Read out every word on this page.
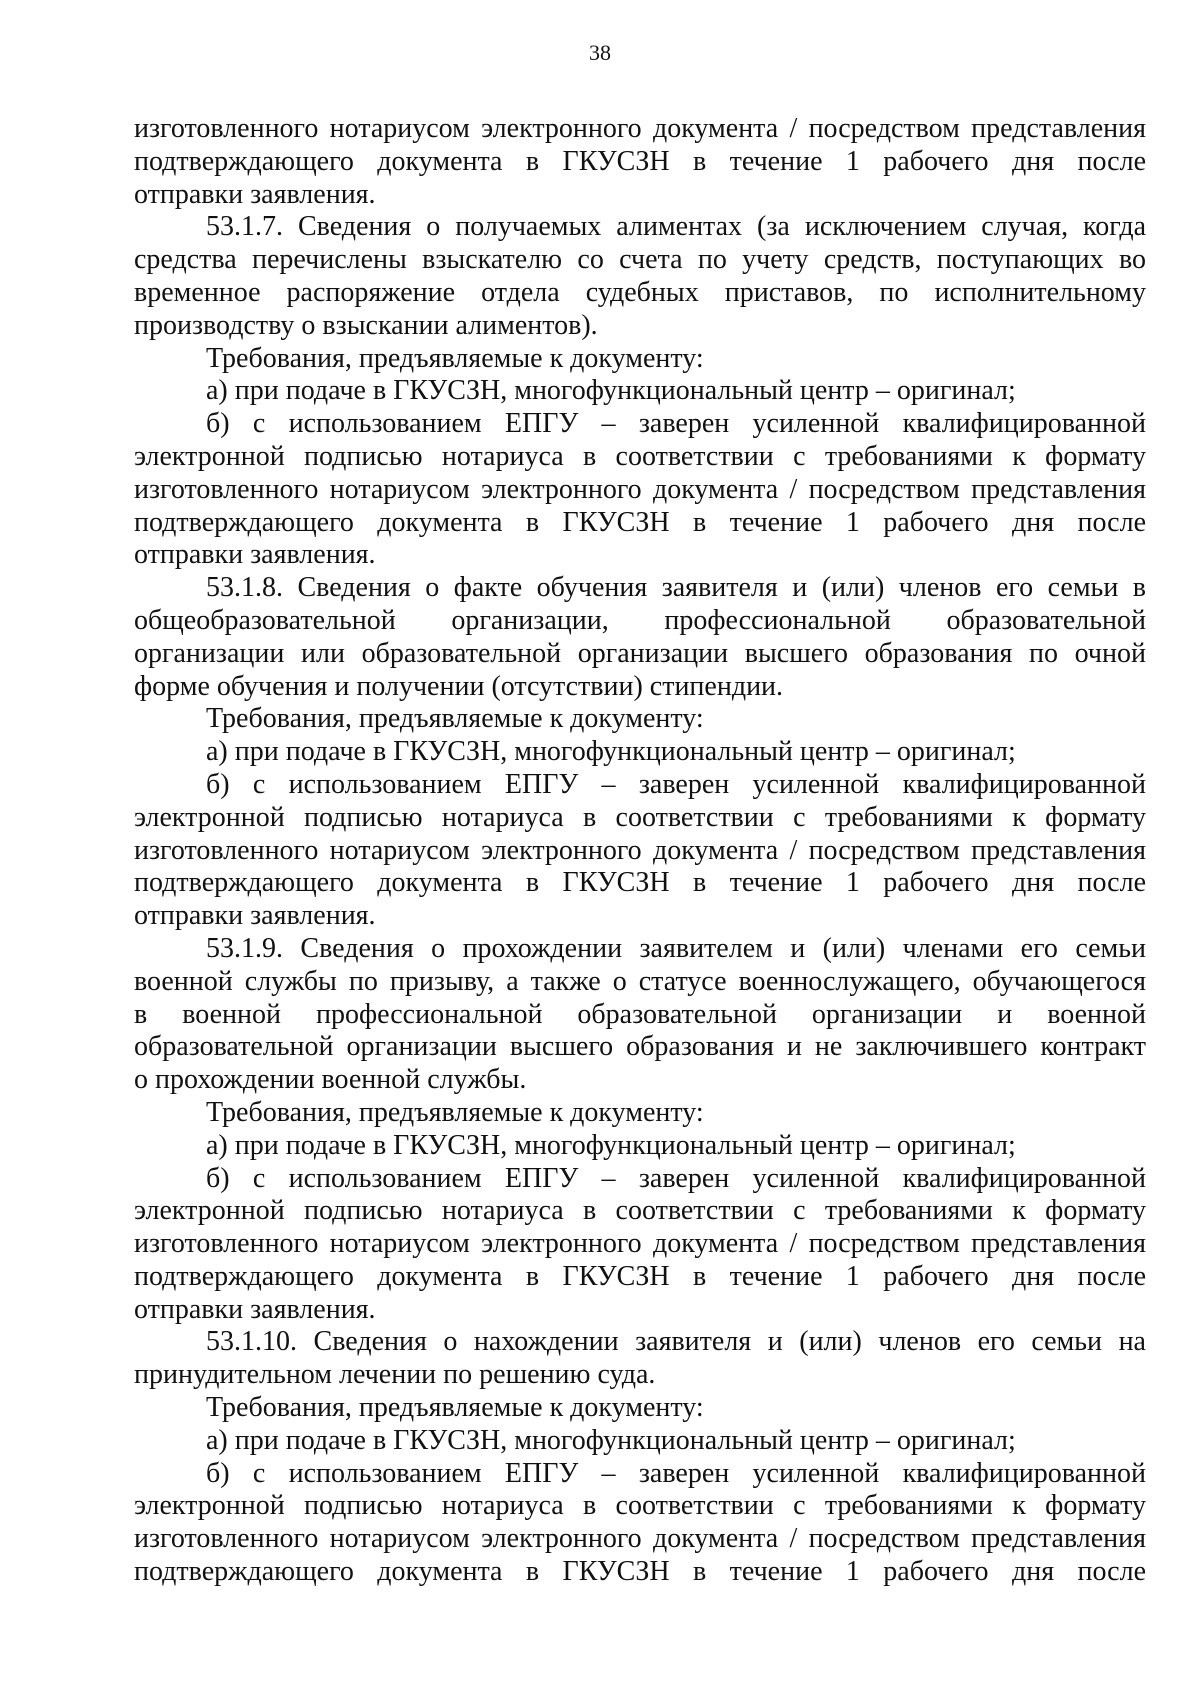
38
изготовленного нотариусом электронного документа / посредством представления
подтверждающего документа в ГКУСЗН в течение 1 рабочего дня после
отправки заявления.
53.1.7. Сведения о получаемых алиментах (за исключением случая, когда
средства перечислены взыскателю со счета по учету средств, поступающих во
временное распоряжение отдела судебных приставов, по исполнительному
производству о взыскании алиментов).
Требования, предъявляемые к документу:
а) при подаче в ГКУСЗН, многофункциональный центр – оригинал;
б) с использованием ЕПГУ – заверен усиленной квалифицированной
электронной подписью нотариуса в соответствии с требованиями к формату
изготовленного нотариусом электронного документа / посредством представления
подтверждающего документа в ГКУСЗН в течение 1 рабочего дня после
отправки заявления.
53.1.8. Сведения о факте обучения заявителя и (или) членов его семьи в
общеобразовательной организации, профессиональной образовательной
организации или образовательной организации высшего образования по очной
форме обучения и получении (отсутствии) стипендии.
Требования, предъявляемые к документу:
а) при подаче в ГКУСЗН, многофункциональный центр – оригинал;
б) с использованием ЕПГУ – заверен усиленной квалифицированной
электронной подписью нотариуса в соответствии с требованиями к формату
изготовленного нотариусом электронного документа / посредством представления
подтверждающего документа в ГКУСЗН в течение 1 рабочего дня после
отправки заявления.
53.1.9. Сведения о прохождении заявителем и (или) членами его семьи
военной службы по призыву, а также о статусе военнослужащего, обучающегося
в военной профессиональной образовательной организации и военной
образовательной организации высшего образования и не заключившего контракт
о прохождении военной службы.
Требования, предъявляемые к документу:
а) при подаче в ГКУСЗН, многофункциональный центр – оригинал;
б) с использованием ЕПГУ – заверен усиленной квалифицированной
электронной подписью нотариуса в соответствии с требованиями к формату
изготовленного нотариусом электронного документа / посредством представления
подтверждающего документа в ГКУСЗН в течение 1 рабочего дня после
отправки заявления.
53.1.10. Сведения о нахождении заявителя и (или) членов его семьи на
принудительном лечении по решению суда.
Требования, предъявляемые к документу:
а) при подаче в ГКУСЗН, многофункциональный центр – оригинал;
б) с использованием ЕПГУ – заверен усиленной квалифицированной
электронной подписью нотариуса в соответствии с требованиями к формату
изготовленного нотариусом электронного документа / посредством представления
подтверждающего документа в ГКУСЗН в течение 1 рабочего дня после
